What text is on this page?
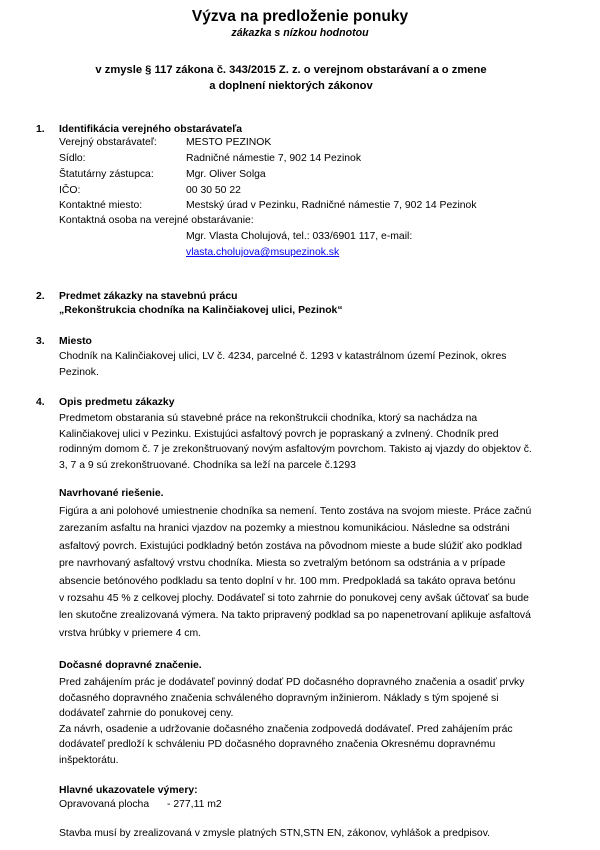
Výzva na predloženie ponuky
zákazka s nízkou hodnotou
v zmysle § 117 zákona č. 343/2015 Z. z. o verejnom obstarávaní a o zmene
a doplnení niektorých zákonov
1. Identifikácia verejného obstarávateľa
Verejný obstarávateľ:	MESTO PEZINOK
Sídlo:	Radničné námestie 7, 902 14 Pezinok
Štatutárny zástupca:	Mgr. Oliver Solga
IČO:	00 30 50 22
Kontaktné miesto:	Mestský úrad v Pezinku, Radničné námestie 7, 902 14 Pezinok
Kontaktná osoba na verejné obstarávanie:
Mgr. Vlasta Cholujová, tel.: 033/6901 117, e-mail:
vlasta.cholujova@msupezinok.sk
2. Predmet zákazky na stavebnú prácu
„Rekonštrukcia chodníka na Kalinčiakovej ulici, Pezinok“
3. Miesto
Chodník na Kalinčiakovej ulici, LV č. 4234, parcelné č. 1293 v katastrálnom území Pezinok, okres
Pezinok.
4. Opis predmetu zákazky
Predmetom obstarania sú stavebné práce na rekonštrukcii chodníka, ktorý sa nachádza na
Kalinčiakovej ulici v Pezinku. Existujúci asfaltový povrch je popraskaný a zvlnený. Chodník pred
rodinným domom č. 7 je zrekonštruovaný novým asfaltovým povrchom. Takisto aj vjazdy do objektov č.
3, 7 a 9 sú zrekonštruované. Chodníka sa leží na parcele č.1293
Navrhované riešenie.
Figúra a ani polohové umiestnenie chodníka sa nemení. Tento zostáva na svojom mieste. Práce začnú
zarezaním asfaltu na hranici vjazdov na pozemky a miestnou komunikáciou. Následne sa odstráni
asfaltový povrch. Existujúci podkladný betón zostáva na pôvodnom mieste a bude slúžiť ako podklad
pre navrhovaný asfaltový vrstvu chodníka. Miesta so zvetralým betónom sa odstránia a v prípade
absencie betónového podkladu sa tento doplní v hr. 100 mm. Predpokladá sa takáto oprava betónu
v rozsahu 45 % z celkovej plochy. Dodávateľ si toto zahrnie do ponukovej ceny avšak účtovať sa bude
len skutočne zrealizovaná výmera. Na takto pripravený podklad sa po napenetrovaní aplikuje asfaltová
vrstva hrúbky v priemere 4 cm.
Dočasné dopravné značenie.
Pred zahájením prác je dodávateľ povinný dodať PD dočasného dopravného značenia a osadiť prvky
dočasného dopravného značenia schváleného dopravným inžinierom. Náklady s tým spojené si
dodávateľ zahrnie do ponukovej ceny.
Za návrh, osadenie a udržovanie dočasného značenia zodpovedá dodávateľ. Pred zahájením prác
dodávateľ predloží k schváleniu PD dočasného dopravného značenia Okresnému dopravnému
inšpektorátu.
Hlavné ukazovatele výmery:
Opravovaná plocha - 277,11 m2
Stavba musí by zrealizovaná v zmysle platných STN,STN EN, zákonov, vyhlášok a predpisov.
